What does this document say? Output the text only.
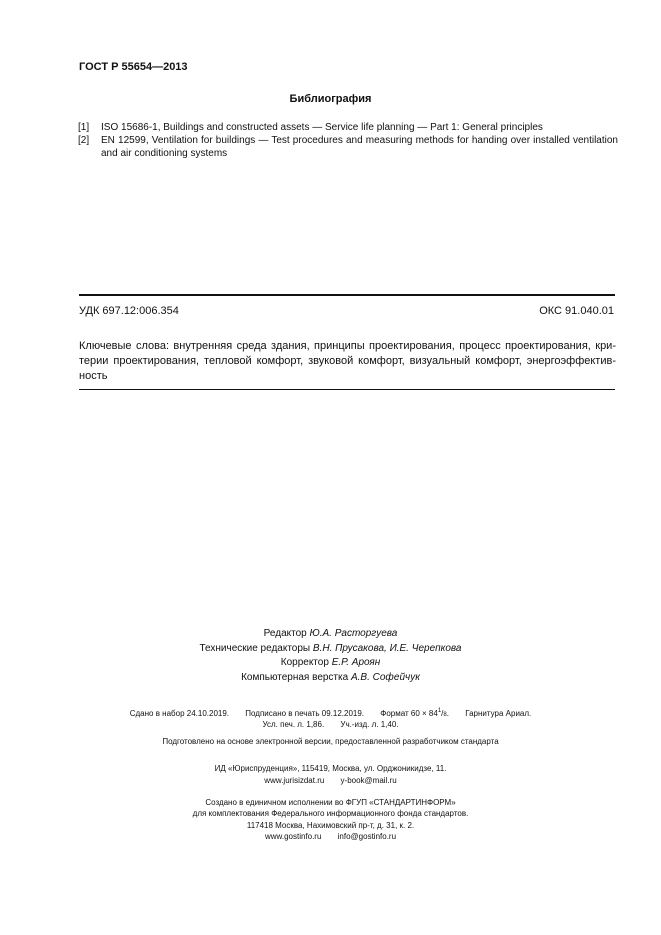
ГОСТ Р 55654—2013
Библиография
[1] ISO 15686-1, Buildings and constructed assets — Service life planning — Part 1: General principles
[2] EN 12599, Ventilation for buildings — Test procedures and measuring methods for handing over installed ventilation and air conditioning systems
УДК 697.12:006.354	ОКС 91.040.01
Ключевые слова: внутренняя среда здания, принципы проектирования, процесс проектирования, кри-
терии проектирования, тепловой комфорт, звуковой комфорт, визуальный комфорт, энергоэффектив-
ность
Редактор Ю.А. Расторгуева
Технические редакторы В.Н. Прусакова, И.Е. Черепкова
Корректор Е.Р. Ароян
Компьютерная верстка А.В. Софейчук
Сдано в набор 24.10.2019. Подписано в печать 09.12.2019. Формат $60 \times 84^1/_8$. Гарнитура Ариал.
Усл. печ. л. 1,86. Уч.-изд. л. 1,40.
Подготовлено на основе электронной версии, предоставленной разработчиком стандарта
ИД «Юриспруденция», 115419, Москва, ул. Орджоникидзе, 11.
www.jurisizdat.ru y-book@mail.ru
Создано в единичном исполнении во ФГУП «СТАНДАРТИНФОРМ»
для комплектования Федерального информационного фонда стандартов.
117418 Москва, Нахимовский пр-т, д. 31, к. 2.
www.gostinfo.ru info@gostinfo.ru
